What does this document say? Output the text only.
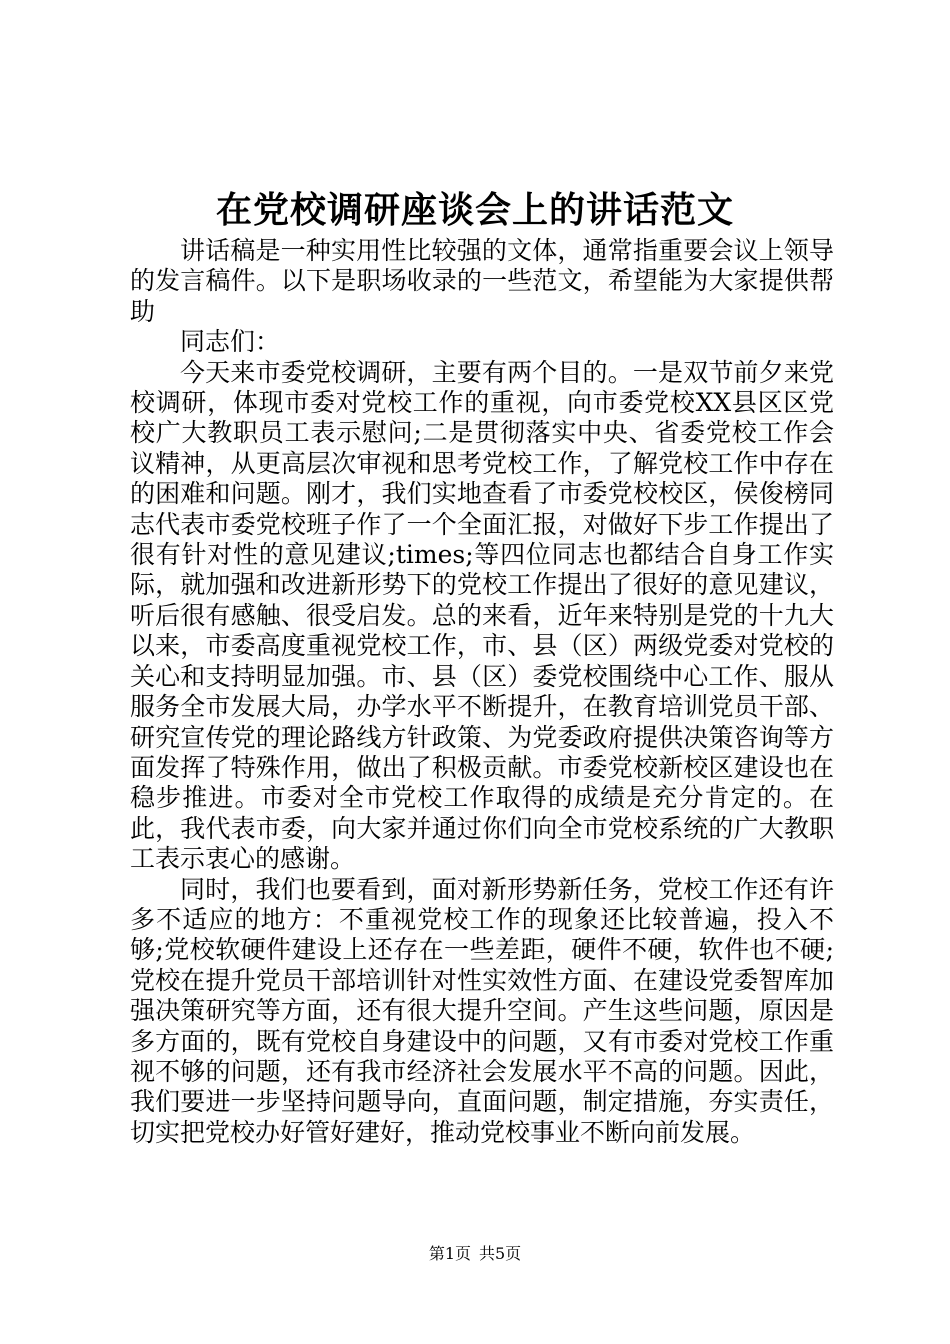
在党校调研座谈会上的讲话范文

讲话稿是一种实用性比较强的文体，通常指重要会议上领导的发言稿件。以下是职场收录的一些范文，希望能为大家提供帮助

同志们：

今天来市委党校调研，主要有两个目的。一是双节前夕来党校调研，体现市委对党校工作的重视，向市委党校XX县区区党校广大教职员工表示慰问;二是贯彻落实中央、省委党校工作会议精神，从更高层次审视和思考党校工作，了解党校工作中存在的困难和问题。刚才，我们实地查看了市委党校校区，侯俊榜同志代表市委党校班子作了一个全面汇报，对做好下步工作提出了很有针对性的意见建议;times;等四位同志也都结合自身工作实际，就加强和改进新形势下的党校工作提出了很好的意见建议，听后很有感触、很受启发。总的来看，近年来特别是党的十九大以来，市委高度重视党校工作，市、县（区）两级党委对党校的关心和支持明显加强。市、县（区）委党校围绕中心工作、服从服务全市发展大局，办学水平不断提升，在教育培训党员干部、研究宣传党的理论路线方针政策、为党委政府提供决策咨询等方面发挥了特殊作用，做出了积极贡献。市委党校新校区建设也在稳步推进。市委对全市党校工作取得的成绩是充分肯定的。在此，我代表市委，向大家并通过你们向全市党校系统的广大教职工表示衷心的感谢。

同时，我们也要看到，面对新形势新任务，党校工作还有许多不适应的地方：不重视党校工作的现象还比较普遍，投入不够;党校软硬件建设上还存在一些差距，硬件不硬，软件也不硬;党校在提升党员干部培训针对性实效性方面、在建设党委智库加强决策研究等方面，还有很大提升空间。产生这些问题，原因是多方面的，既有党校自身建设中的问题，又有市委对党校工作重视不够的问题，还有我市经济社会发展水平不高的问题。因此，我们要进一步坚持问题导向，直面问题，制定措施，夯实责任，切实把党校办好管好建好，推动党校事业不断向前发展。

第1页 共5页
